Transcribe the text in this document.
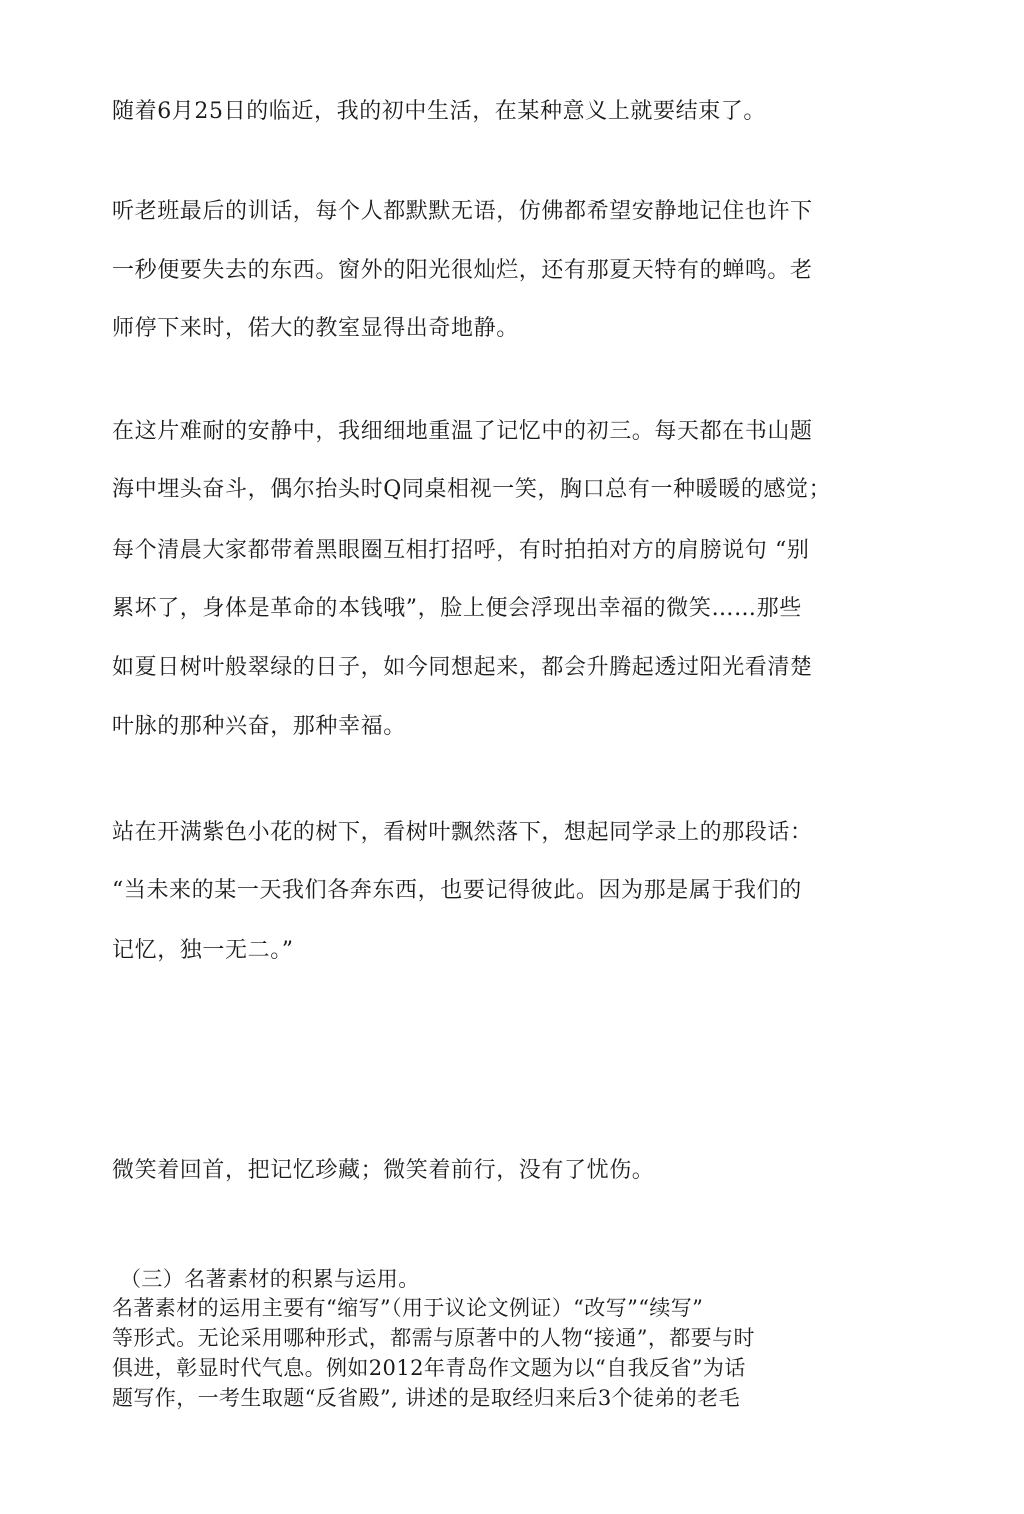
随着6月25日的临近，我的初中生活，在某种意义上就要结束了。
听老班最后的训话，每个人都默默无语，仿佛都希望安静地记住也许下
一秒便要失去的东西。窗外的阳光很灿烂，还有那夏天特有的蝉鸣。老
师停下来时，偌大的教室显得出奇地静。
在这片难耐的安静中，我细细地重温了记忆中的初三。每天都在书山题
海中埋头奋斗，偶尔抬头时Q同桌相视一笑，胸口总有一种暖暖的感觉；
每个清晨大家都带着黑眼圈互相打招呼，有时拍拍对方的肩膀说句 “别
累坏了，身体是革命的本钱哦”，脸上便会浮现出幸福的微笑……那些
如夏日树叶般翠绿的日子，如今同想起来，都会升腾起透过阳光看清楚
叶脉的那种兴奋，那种幸福。
站在开满紫色小花的树下，看树叶飘然落下，想起同学录上的那段话：
“当未来的某一天我们各奔东西，也要记得彼此。因为那是属于我们的
记忆，独一无二。”
微笑着回首，把记忆珍藏；微笑着前行，没有了忧伤。
（三）名著素材的积累与运用。
名著素材的运用主要有“缩写”（用于议论文例证）“改写”“续写”
等形式。无论采用哪种形式，都需与原著中的人物“接通”，都要与时
俱进，彰显时代气息。例如2012年青岛作文题为以“自我反省”为话
题写作，一考生取题“反省殿”, 讲述的是取经归来后3个徒弟的老毛
